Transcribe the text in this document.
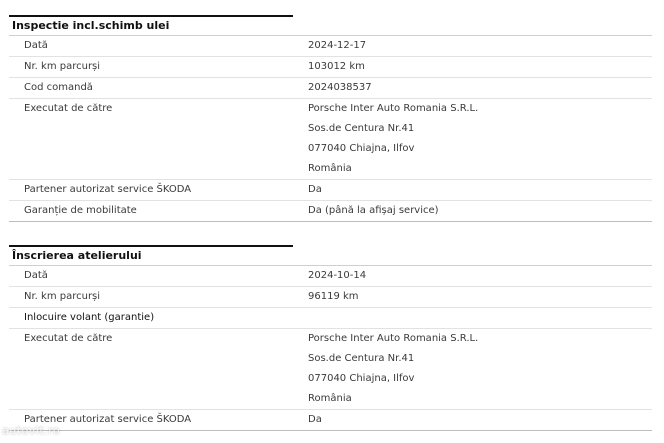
Inspectie incl.schimb ulei
Dată	2024-12-17
Nr. km parcurși	103012 km
Cod comandă	2024038537
Executat de către	Porsche Inter Auto Romania S.R.L.
Sos.de Centura Nr.41
077040 Chiajna, Ilfov
România
Partener autorizat service ŠKODA	Da
Garanție de mobilitate	Da (până la afișaj service)
Înscrierea atelierului
Dată	2024-10-14
Nr. km parcurși	96119 km
Inlocuire volant (garantie)
Executat de către	Porsche Inter Auto Romania S.R.L.
Sos.de Centura Nr.41
077040 Chiajna, Ilfov
România
Partener autorizat service ŠKODA	Da
autovit.ro
